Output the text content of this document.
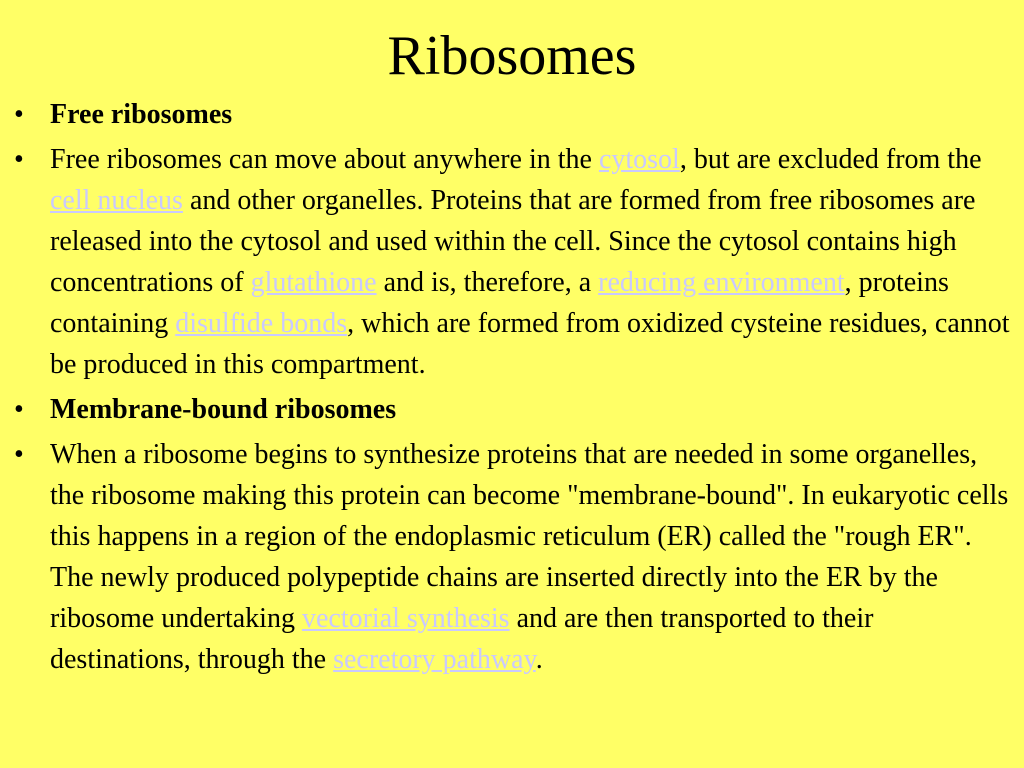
Ribosomes
• Free ribosomes
• Free ribosomes can move about anywhere in the cytosol, but are excluded from the cell nucleus and other organelles. Proteins that are formed from free ribosomes are released into the cytosol and used within the cell. Since the cytosol contains high concentrations of glutathione and is, therefore, a reducing environment, proteins containing disulfide bonds, which are formed from oxidized cysteine residues, cannot be produced in this compartment.
• Membrane-bound ribosomes
• When a ribosome begins to synthesize proteins that are needed in some organelles, the ribosome making this protein can become "membrane-bound". In eukaryotic cells this happens in a region of the endoplasmic reticulum (ER) called the "rough ER". The newly produced polypeptide chains are inserted directly into the ER by the ribosome undertaking vectorial synthesis and are then transported to their destinations, through the secretory pathway.
